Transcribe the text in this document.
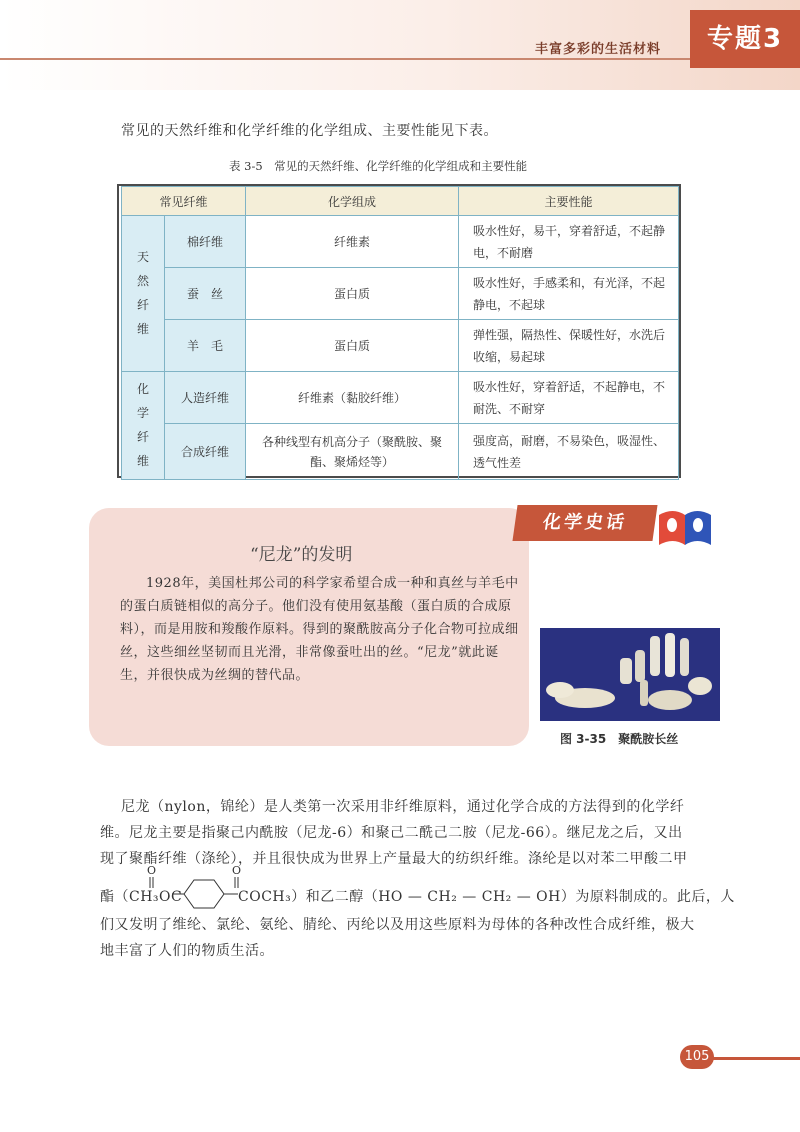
丰富多彩的生活材料	专题3
常见的天然纤维和化学纤维的化学组成、主要性能见下表。
表 3-5　常见的天然纤维、化学纤维的化学组成和主要性能
常见纤维		化学组成	主要性能
天然纤维	棉纤维	纤维素	吸水性好，易干，穿着舒适，不起静电，不耐磨
	蚕　丝	蛋白质	吸水性好，手感柔和，有光泽，不起静电，不起球
	羊　毛	蛋白质	弹性强，隔热性、保暖性好，水洗后收缩，易起球
化学纤维	人造纤维	纤维素（黏胶纤维）	吸水性好，穿着舒适，不起静电，不耐洗、不耐穿
	合成纤维	各种线型有机高分子（聚酰胺、聚酯、聚烯烃等）	强度高，耐磨，不易染色，吸湿性、透气性差
化学史话
“尼龙”的发明
1928年，美国杜邦公司的科学家希望合成一种和真丝与羊毛中的蛋白质链相似的高分子。他们没有使用氨基酸（蛋白质的合成原料），而是用胺和羧酸作原料。得到的聚酰胺高分子化合物可拉成细丝，这些细丝坚韧而且光滑，非常像蚕吐出的丝。“尼龙”就此诞生，并很快成为丝绸的替代品。
图 3-35　聚酰胺长丝
尼龙（nylon，锦纶）是人类第一次采用非纤维原料，通过化学合成的方法得到的化学纤
维。尼龙主要是指聚己内酰胺（尼龙-6）和聚己二酰己二胺（尼龙-66）。继尼龙之后，又出
现了聚酯纤维（涤纶），并且很快成为世界上产量最大的纺织纤维。涤纶是以对苯二甲酸二甲
酯（CH₃OC
O	O
COCH₃）和乙二醇（HO — CH₂ — CH₂ — OH）为原料制成的。此后，人
们又发明了维纶、氯纶、氨纶、腈纶、丙纶以及用这些原料为母体的各种改性合成纤维，极大
地丰富了人们的物质生活。
105
